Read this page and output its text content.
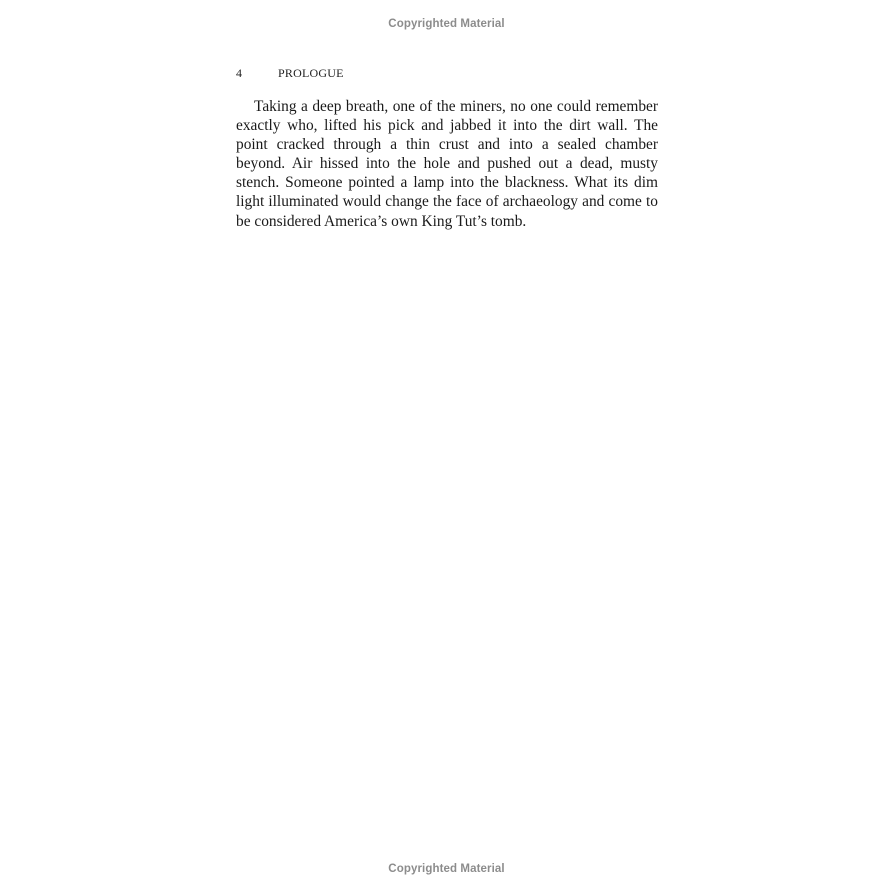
Copyrighted Material
4	PROLOGUE

Taking a deep breath, one of the miners, no one could remember exactly who, lifted his pick and jabbed it into the dirt wall. The point cracked through a thin crust and into a sealed chamber beyond. Air hissed into the hole and pushed out a dead, musty stench. Someone pointed a lamp into the blackness. What its dim light illuminated would change the face of archaeology and come to be considered America’s own King Tut’s tomb.

Copyrighted Material
